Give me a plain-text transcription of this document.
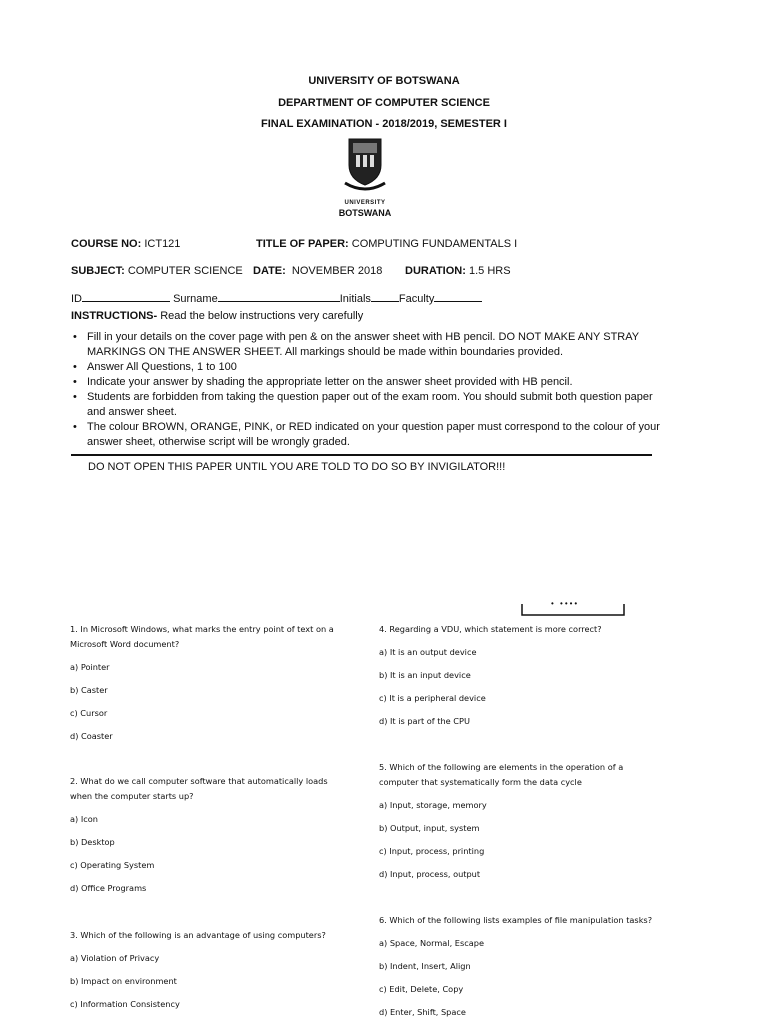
UNIVERSITY OF BOTSWANA
DEPARTMENT OF COMPUTER SCIENCE
FINAL EXAMINATION - 2018/2019, SEMESTER I
UNIVERSITY
BOTSWANA
COURSE NO: ICT121	TITLE OF PAPER: COMPUTING FUNDAMENTALS I
SUBJECT: COMPUTER SCIENCE DATE: NOVEMBER 2018 DURATION: 1.5 HRS
ID	Surname	Initials	Faculty
INSTRUCTIONS- Read the below instructions very carefully
• Fill in your details on the cover page with pen & on the answer sheet with HB pencil. DO NOT MAKE ANY STRAY MARKINGS ON THE ANSWER SHEET. All markings should be made within boundaries provided.
• Answer All Questions, 1 to 100
• Indicate your answer by shading the appropriate letter on the answer sheet provided with HB pencil.
• Students are forbidden from taking the question paper out of the exam room. You should submit both question paper and answer sheet.
• The colour BROWN, ORANGE, PINK, or RED indicated on your question paper must correspond to the colour of your answer sheet, otherwise script will be wrongly graded.
DO NOT OPEN THIS PAPER UNTIL YOU ARE TOLD TO DO SO BY INVIGILATOR!!!
• ••••
1. In Microsoft Windows, what marks the entry point of text on a Microsoft Word document?
a) Pointer
b) Caster
c) Cursor
d) Coaster
2. What do we call computer software that automatically loads when the computer starts up?
a) Icon
b) Desktop
c) Operating System
d) Office Programs
3. Which of the following is an advantage of using computers?
a) Violation of Privacy
b) Impact on environment
c) Information Consistency
4. Regarding a VDU, which statement is more correct?
a) It is an output device
b) It is an input device
c) It is a peripheral device
d) It is part of the CPU
5. Which of the following are elements in the operation of a computer that systematically form the data cycle
a) Input, storage, memory
b) Output, input, system
c) Input, process, printing
d) Input, process, output
6. Which of the following lists examples of file manipulation tasks?
a) Space, Normal, Escape
b) Indent, Insert, Align
c) Edit, Delete, Copy
d) Enter, Shift, Space
